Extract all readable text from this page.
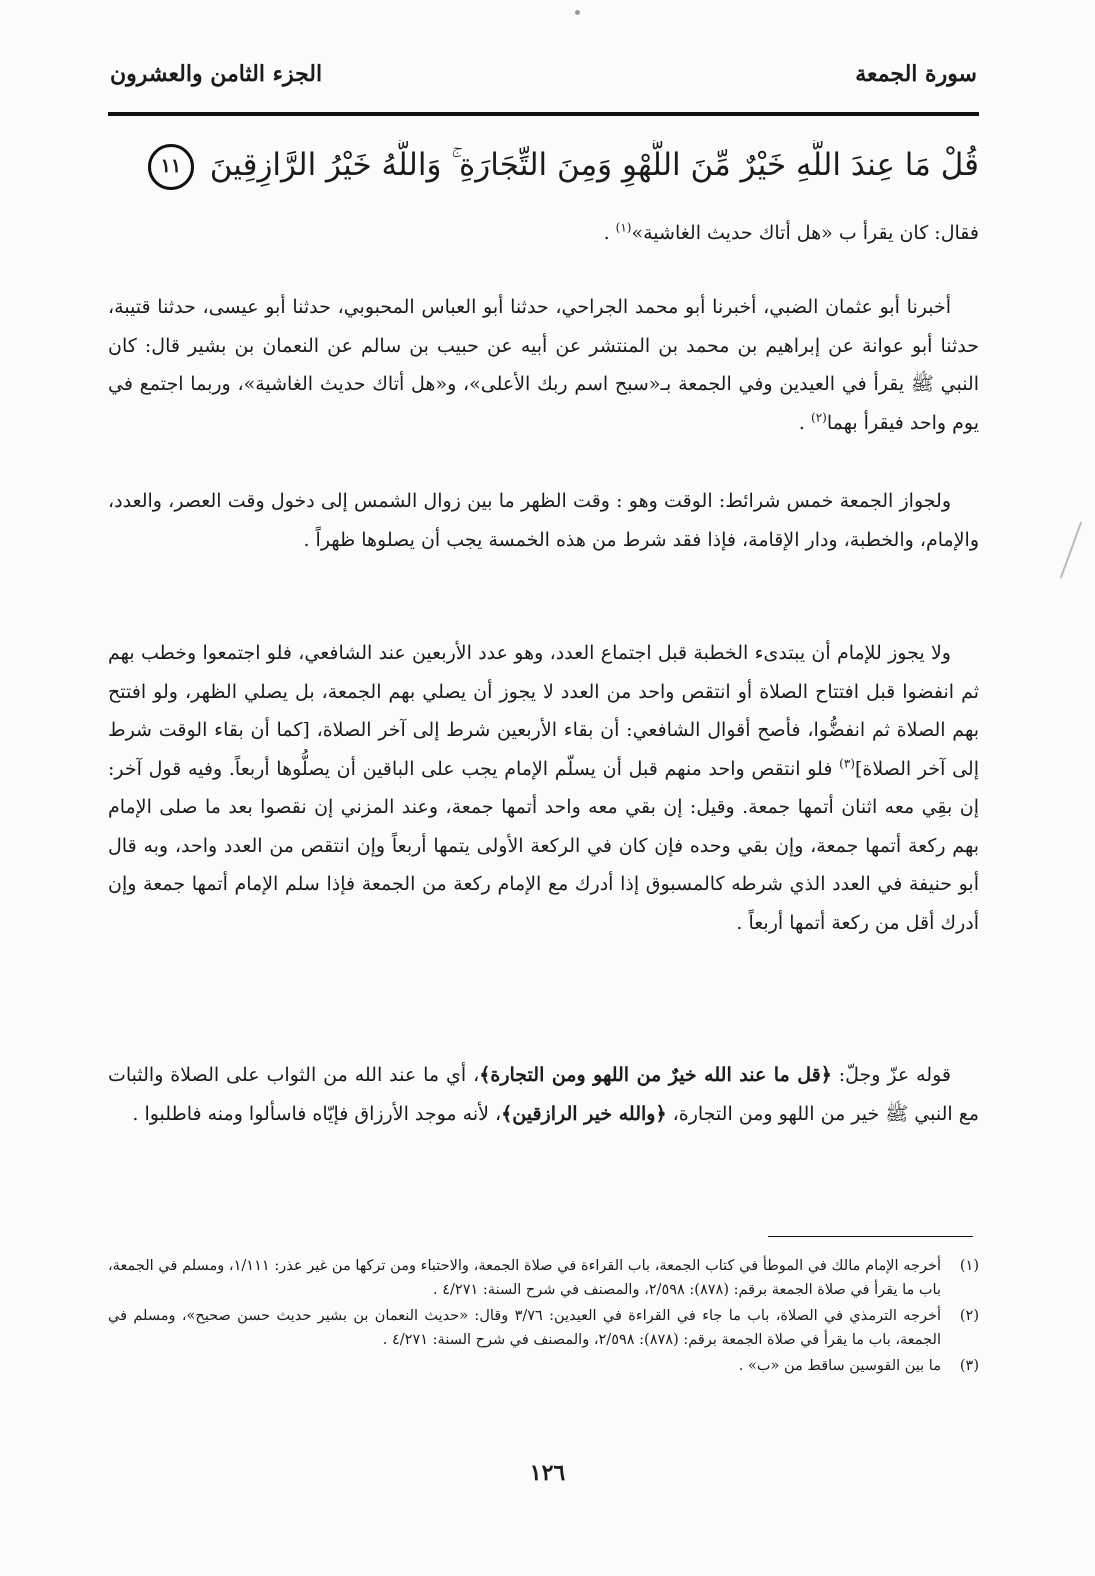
سورة الجمعة
الجزء الثامن والعشرون
قُلْ مَا عِندَ اللَّهِ خَيْرٌ مِّنَ اللَّهْوِ وَمِنَ التِّجَارَةِ ۚ وَاللَّهُ خَيْرُ الرَّازِقِينَ ١١

فقال: كان يقرأ ب «هل أتاك حديث الغاشية»$^{(١)}$ .

أخبرنا أبو عثمان الضبي، أخبرنا أبو محمد الجراحي، حدثنا أبو العباس المحبوبي، حدثنا أبو عيسى، حدثنا قتيبة، حدثنا أبو عوانة عن إبراهيم بن محمد بن المنتشر عن أبيه عن حبيب بن سالم عن النعمان بن بشير قال: كان النبي ﷺ يقرأ في العيدين وفي الجمعة بـ«سبح اسم ربك الأعلى»، و«هل أتاك حديث الغاشية»، وربما اجتمع في يوم واحد فيقرأ بهما$^{(٢)}$ .

ولجواز الجمعة خمس شرائط: الوقت وهو : وقت الظهر ما بين زوال الشمس إلى دخول وقت العصر، والعدد، والإمام، والخطبة، ودار الإقامة، فإذا فقد شرط من هذه الخمسة يجب أن يصلوها ظهراً .

ولا يجوز للإمام أن يبتدىء الخطبة قبل اجتماع العدد، وهو عدد الأربعين عند الشافعي، فلو اجتمعوا وخطب بهم ثم انفضوا قبل افتتاح الصلاة أو انتقص واحد من العدد لا يجوز أن يصلي بهم الجمعة، بل يصلي الظهر، ولو افتتح بهم الصلاة ثم انفضُّوا، فأصح أقوال الشافعي: أن بقاء الأربعين شرط إلى آخر الصلاة، [كما أن بقاء الوقت شرط إلى آخر الصلاة]$^{(٣)}$ فلو انتقص واحد منهم قبل أن يسلّم الإمام يجب على الباقين أن يصلُّوها أربعاً. وفيه قول آخر: إن بقِي معه اثنان أتمها جمعة. وقيل: إن بقي معه واحد أتمها جمعة، وعند المزني إن نقصوا بعد ما صلى الإمام بهم ركعة أتمها جمعة، وإن بقي وحده فإن كان في الركعة الأولى يتمها أربعاً وإن انتقص من العدد واحد، وبه قال أبو حنيفة في العدد الذي شرطه كالمسبوق إذا أدرك مع الإمام ركعة من الجمعة فإذا سلم الإمام أتمها جمعة وإن أدرك أقل من ركعة أتمها أربعاً .

قوله عزّ وجلّ: ﴿قل ما عند الله خيرٌ من اللهو ومن التجارة﴾، أي ما عند الله من الثواب على الصلاة والثبات مع النبي ﷺ خير من اللهو ومن التجارة، ﴿والله خير الرازقين﴾، لأنه موجد الأرزاق فإيّاه فاسألوا ومنه فاطلبوا .

(١)
أخرجه الإمام مالك في الموطأ في كتاب الجمعة، باب القراءة في صلاة الجمعة، والاحتباء ومن تركها من غير عذر: ١/١١١، ومسلم في الجمعة، باب ما يقرأ في صلاة الجمعة برقم: (٨٧٨): ٢/٥٩٨، والمصنف في شرح السنة: ٤/٢٧١ .
(٢)
أخرجه الترمذي في الصلاة، باب ما جاء في القراءة في العيدين: ٣/٧٦ وقال: «حديث النعمان بن بشير حديث حسن صحيح»، ومسلم في الجمعة، باب ما يقرأ في صلاة الجمعة برقم: (٨٧٨): ٢/٥٩٨، والمصنف في شرح السنة: ٤/٢٧١ .
(٣)
ما بين القوسين ساقط من «ب» .
١٢٦
